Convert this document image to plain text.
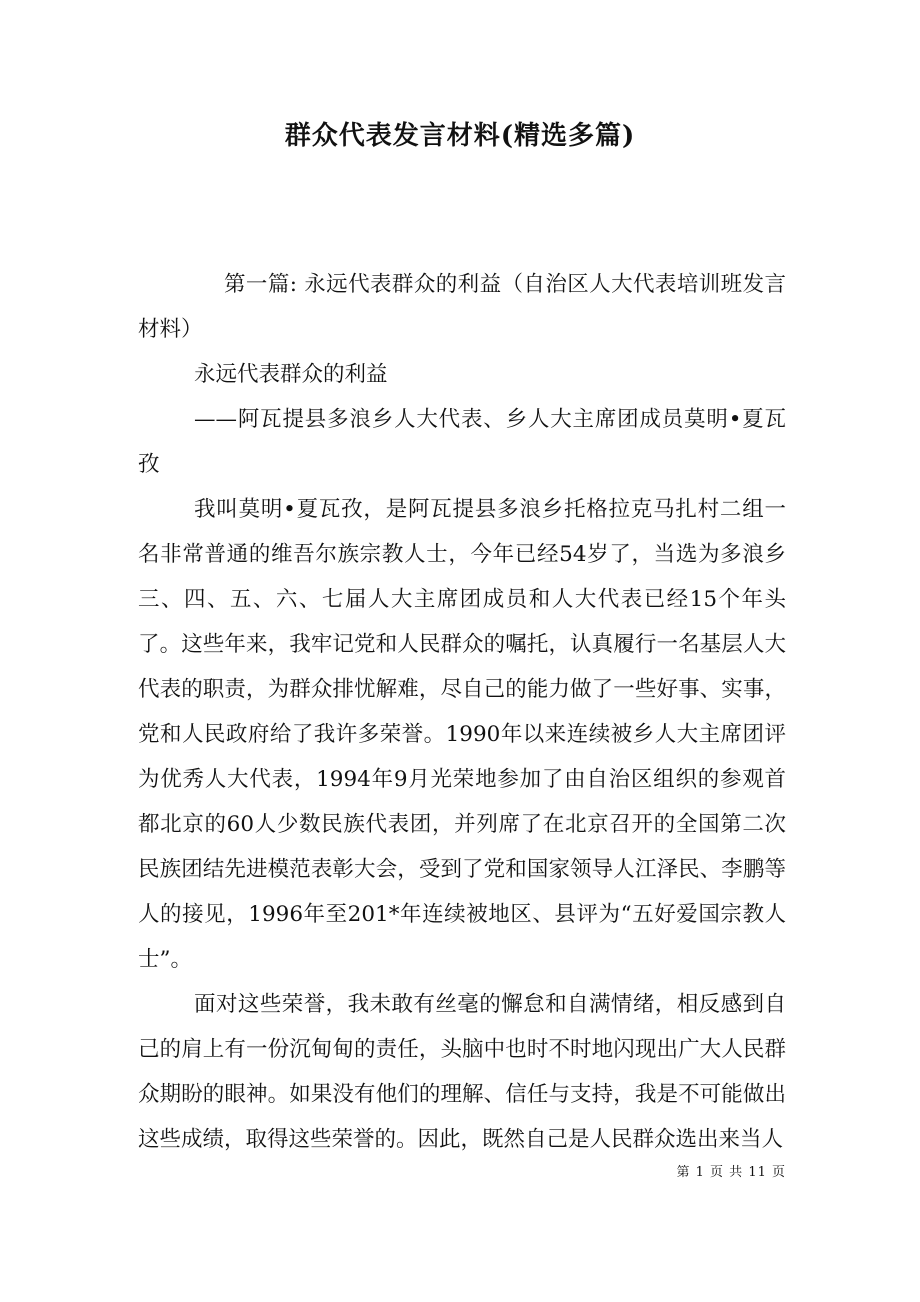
群众代表发言材料(精选多篇)

第一篇: 永远代表群众的利益（自治区人大代表培训班发言材料）

永远代表群众的利益

——阿瓦提县多浪乡人大代表、乡人大主席团成员莫明•夏瓦孜

我叫莫明•夏瓦孜，是阿瓦提县多浪乡托格拉克马扎村二组一名非常普通的维吾尔族宗教人士，今年已经54岁了，当选为多浪乡三、四、五、六、七届人大主席团成员和人大代表已经15个年头了。这些年来，我牢记党和人民群众的嘱托，认真履行一名基层人大代表的职责，为群众排忧解难，尽自己的能力做了一些好事、实事，党和人民政府给了我许多荣誉。1990年以来连续被乡人大主席团评为优秀人大代表，1994年9月光荣地参加了由自治区组织的参观首都北京的60人少数民族代表团，并列席了在北京召开的全国第二次民族团结先进模范表彰大会，受到了党和国家领导人江泽民、李鹏等人的接见，1996年至201*年连续被地区、县评为“五好爱国宗教人士”。

面对这些荣誉，我未敢有丝毫的懈怠和自满情绪，相反感到自己的肩上有一份沉甸甸的责任，头脑中也时不时地闪现出广大人民群众期盼的眼神。如果没有他们的理解、信任与支持，我是不可能做出这些成绩，取得这些荣誉的。因此，既然自己是人民群众选出来当人

第 1 页 共 11 页
